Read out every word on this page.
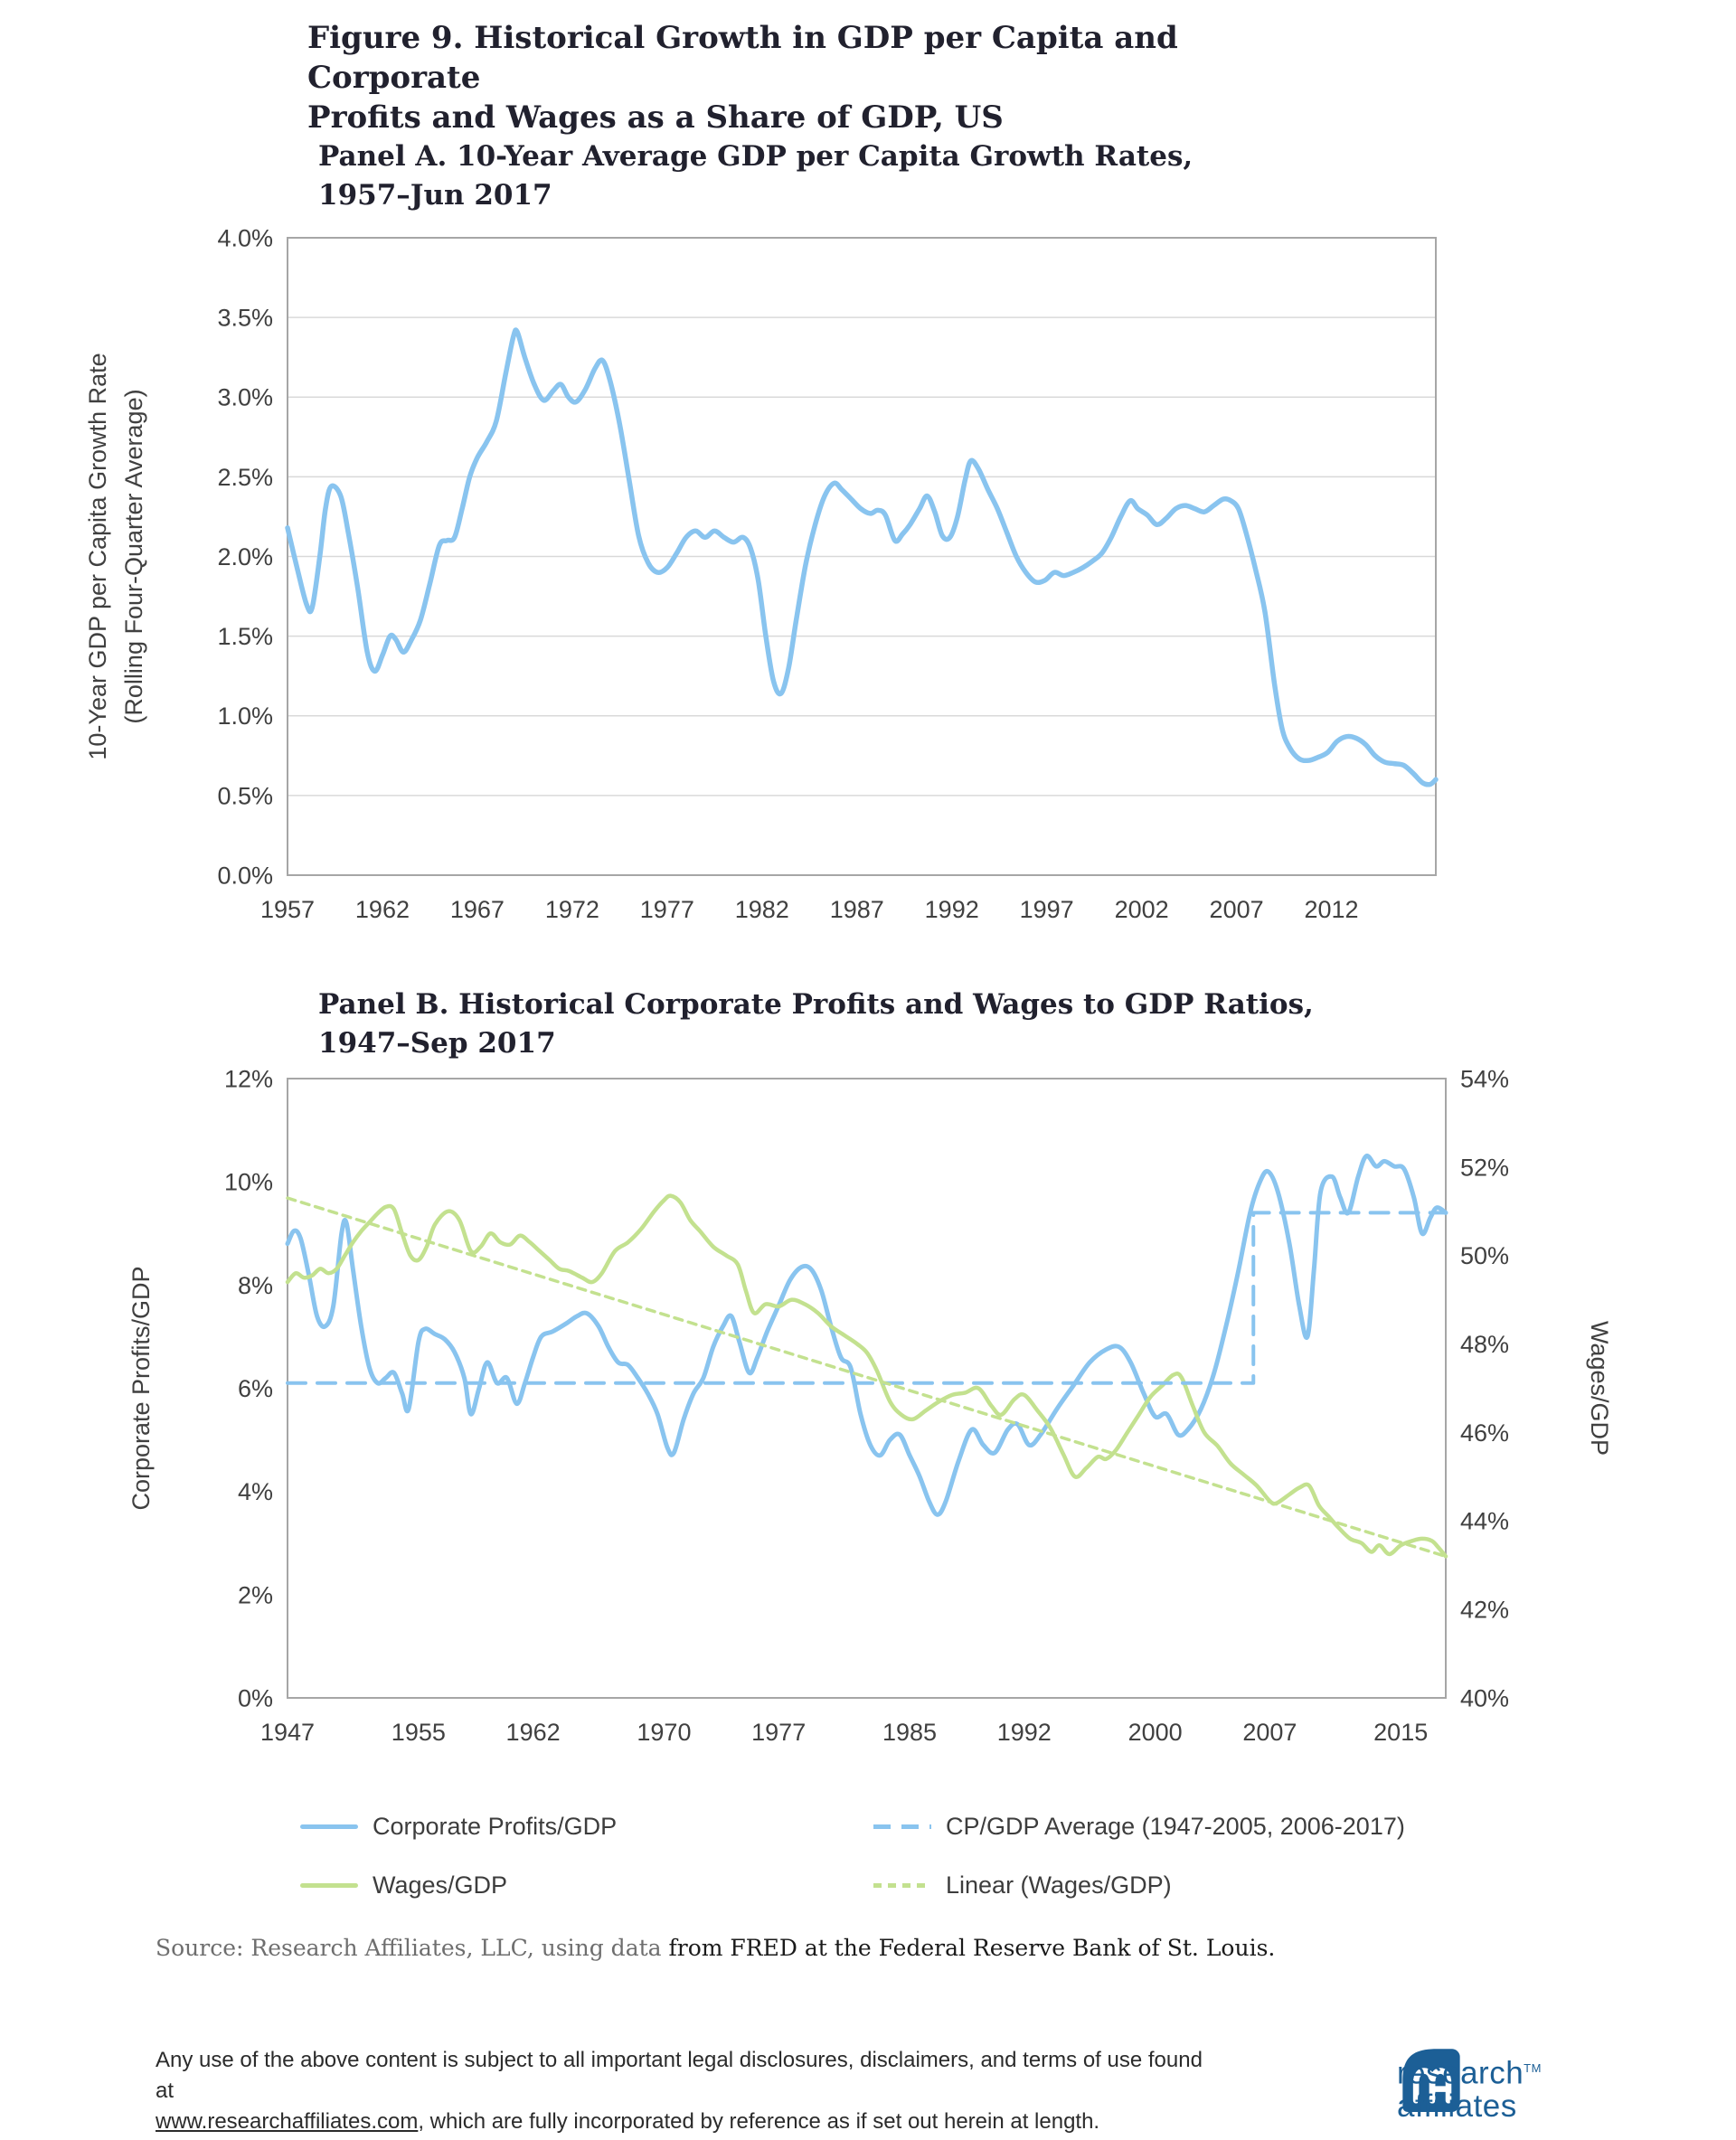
Figure 9. Historical Growth in GDP per Capita and Corporate
Profits and Wages as a Share of GDP, US
Panel A. 10-Year Average GDP per Capita Growth Rates,
1957–Jun 2017
4.0%
3.5%
3.0%
2.5%
2.0%
1.5%
1.0%
0.5%
0.0%
1957 1962 1967 1972 1977 1982 1987 1992 1997 2002 2007 2012
10-Year GDP per Capita Growth Rate (Rolling Four-Quarter Average)
Panel B. Historical Corporate Profits and Wages to GDP Ratios,
1947–Sep 2017
12%
10%
8%
6%
4%
2%
0%
54%
52%
50%
48%
46%
44%
42%
40%
1947	1955 1962	1970 1977	1985 1992	2000 2007	2015
Corporate Profits/GDP	Wages/GDP
Corporate Profits/GDP
Wages/GDP
CP/GDP Average (1947-2005, 2006-2017)
Linear (Wages/GDP)
Source: Research Affiliates, LLC, using data from FRED at the Federal Reserve Bank of St. Louis.
Any use of the above content is subject to all important legal disclosures, disclaimers, and terms of use found at
www.researchaffiliates.com, which are fully incorporated by reference as if set out herein at length.
research™
affiliates
